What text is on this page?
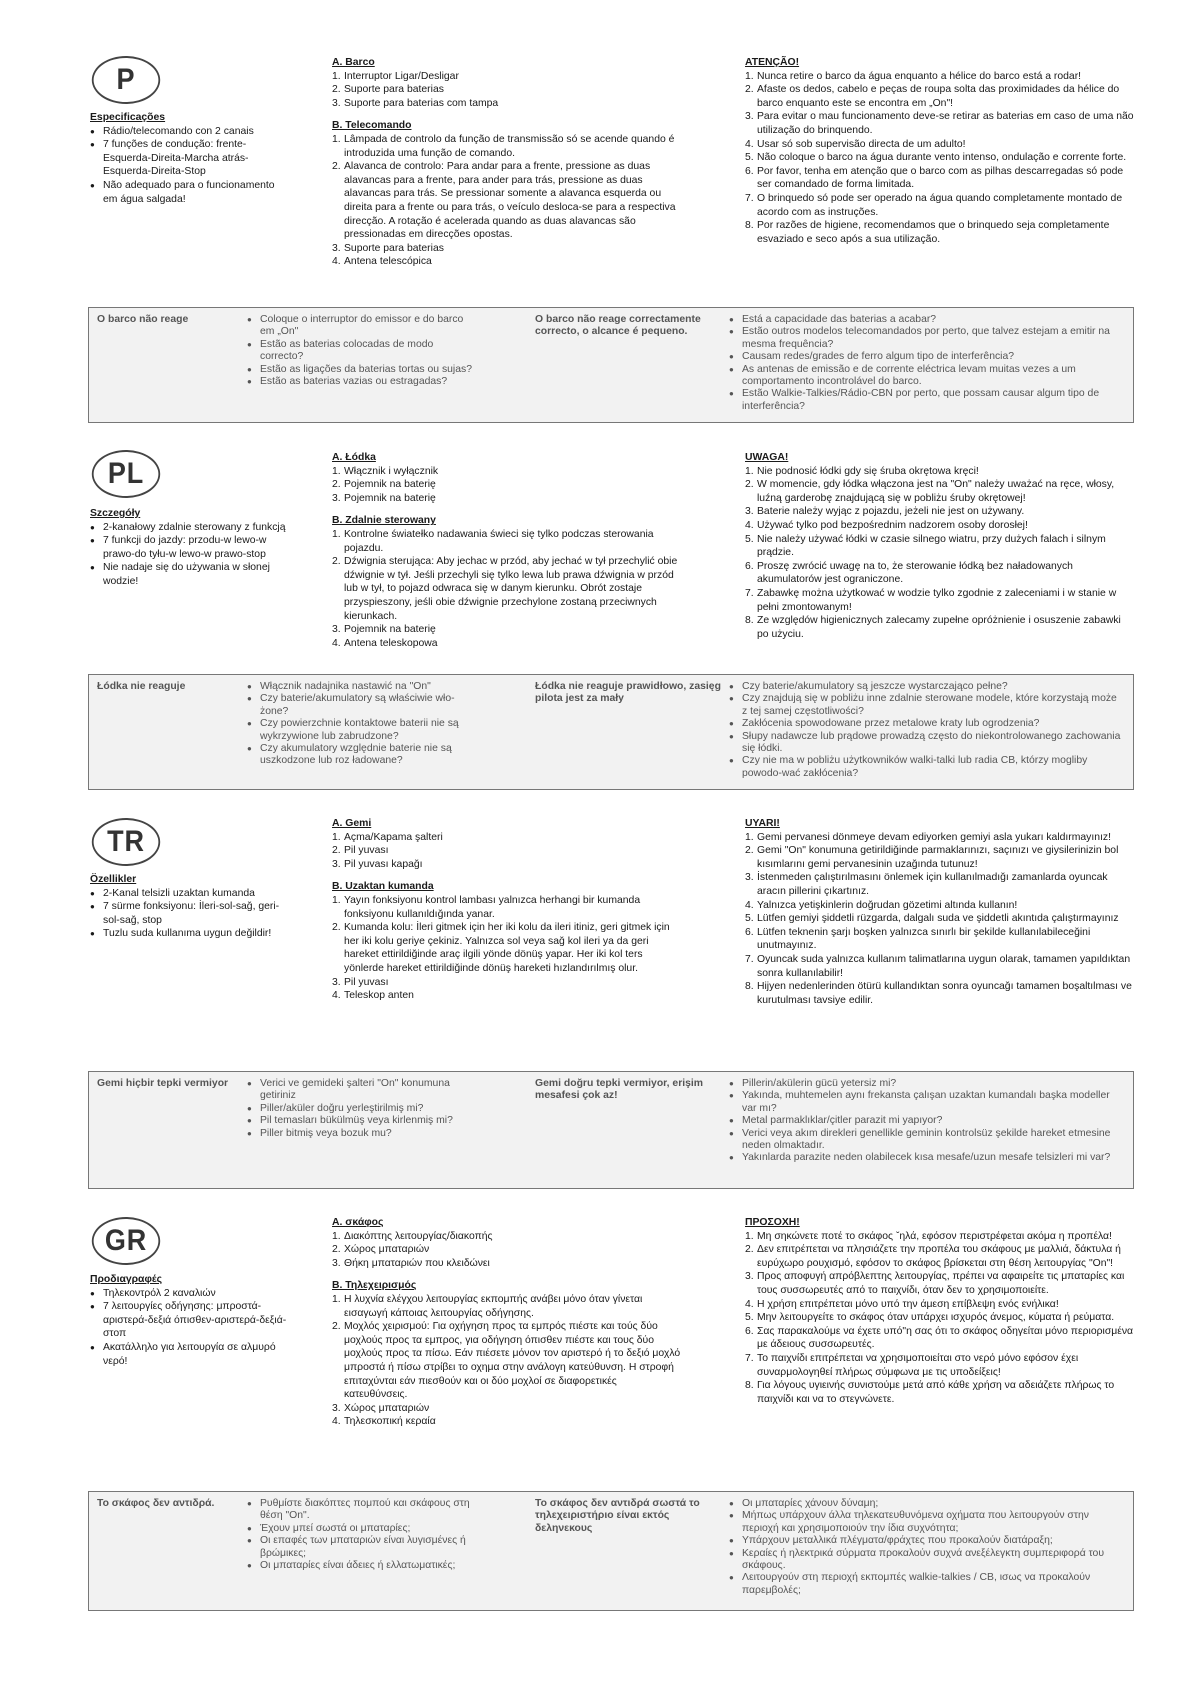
P

Especificações

● Rádio/telecomando con 2 canais
● 7 funções de condução: frente-Esquerda-Direita-Marcha atrás-Esquerda-Direita-Stop
● Não adequado para o funcionamento em água salgada!

A. Barco

1. Interruptor Ligar/Desligar
2. Suporte para baterias
3. Suporte para baterias com tampa

B. Telecomando

1. Lâmpada de controlo da função de transmissão só se acende quando é introduzida uma função de comando.
2. Alavanca de controlo: Para andar para a frente, pressione as duas alavancas para a frente, para ander para trás, pressione as duas alavancas para trás. Se pressionar somente a alavanca esquerda ou direita para a frente ou para trás, o veículo desloca-se para a respectiva direcção. A rotação é acelerada quando as duas alavancas são pressionadas em direcções opostas.
3. Suporte para baterias
4. Antena telescópica

ATENÇÃO!

1. Nunca retire o barco da água enquanto a hélice do barco está a rodar!
2. Afaste os dedos, cabelo e peças de roupa solta das proximidades da hélice do barco enquanto este se encontra em „On"!
3. Para evitar o mau funcionamento deve-se retirar as baterias em caso de uma não utilização do brinquendo.
4. Usar só sob supervisão directa de um adulto!
5. Não coloque o barco na água durante vento intenso, ondulação e corrente forte.
6. Por favor, tenha em atenção que o barco com as pilhas descarregadas só pode ser comandado de forma limitada.
7. O brinquedo só pode ser operado na água quando completamente montado de acordo com as instruções.
8. Por razões de higiene, recomendamos que o brinquedo seja completamente esvaziado e seco após a sua utilização.
O barco não reage	● Coloque o interruptor do emissor e do barco em „On"
● Estão as baterias colocadas de modo correcto?
● Estão as ligações da baterias tortas ou sujas?
● Estão as baterias vazias ou estragadas?
O barco não reage correctamente correcto, o alcance é pequeno.
● Está a capacidade das baterias a acabar?
● Estão outros modelos telecomandados por perto, que talvez estejam a emitir na mesma frequência?
● Causam redes/grades de ferro algum tipo de interferência?
● As antenas de emissão e de corrente eléctrica levam muitas vezes a um comportamento incontrolável do barco.
● Estão Walkie-Talkies/Rádio-CBN por perto, que possam causar algum tipo de interferência?
PL

Szczegóły

● 2-kanałowy zdalnie sterowany z funkcją
● 7 funkcji do jazdy: przodu-w lewo-w prawo-do tyłu-w lewo-w prawo-stop
● Nie nadaje się do używania w słonej wodzie!

A. Łódka

1. Włącznik i wyłącznik
2. Pojemnik na baterię
3. Pojemnik na baterię

B. Zdalnie sterowany

1. Kontrolne światełko nadawania świeci się tylko podczas sterowania pojazdu.
2. Dźwignia sterująca: Aby jechac w przód, aby jechać w tył przechylić obie dźwignie w tył. Jeśli przechyli się tylko lewa lub prawa dźwignia w przód lub w tył, to pojazd odwraca się w danym kierunku. Obrót zostaje przyspieszony, jeśli obie dźwignie przechylone zostaną przeciwnych kierunkach.
3. Pojemnik na baterię
4. Antena teleskopowa

UWAGA!

1. Nie podnosić łódki gdy się śruba okrętowa kręci!
2. W momencie, gdy łódka włączona jest na "On" należy uważać na ręce, włosy, luźną garderobę znajdującą się w pobliżu śruby okrętowej!
3. Baterie należy wyjąc z pojazdu, jeżeli nie jest on używany.
4. Używać tylko pod bezpośrednim nadzorem osoby dorosłej!
5. Nie należy używać łódki w czasie silnego wiatru, przy dużych falach i silnym prądzie.
6. Proszę zwrócić uwagę na to, że sterowanie łódką bez naładowanych akumulatorów jest ograniczone.
7. Zabawkę można użytkować w wodzie tylko zgodnie z zaleceniami i w stanie w pełni zmontowanym!
8. Ze względów higienicznych zalecamy zupełne opróżnienie i osuszenie zabawki po użyciu.
Łódka nie reaguje	● Włącznik nadajnika nastawić na "On"
● Czy baterie/akumulatory są właściwie wło- żone?
● Czy powierzchnie kontaktowe baterii nie są wykrzywione lub zabrudzone?
● Czy akumulatory względnie baterie nie są uszkodzone lub roz ładowane?
Łódka nie reaguje prawidłowo, zasięg pilota jest za mały
● Czy baterie/akumulatory są jeszcze wystarczająco pełne?
● Czy znajdują się w pobliżu inne zdalnie sterowane modele, które korzystają może z tej samej częstotliwości?
● Zakłócenia spowodowane przez metalowe kraty lub ogrodzenia?
● Słupy nadawcze lub prądowe prowadzą często do niekontrolowanego zachowania się łódki.
● Czy nie ma w pobliżu użytkowników walki-talki lub radia CB, którzy mogliby powodo-wać zakłócenia?
TR

Özellikler

● 2-Kanal telsizli uzaktan kumanda
● 7 sürme fonksiyonu: İleri-sol-sağ, geri-sol-sağ, stop
● Tuzlu suda kullanıma uygun değildir!

A. Gemi

1. Açma/Kapama şalteri
2. Pil yuvası
3. Pil yuvası kapağı

B. Uzaktan kumanda

1. Yayın fonksiyonu kontrol lambası yalnızca herhangi bir kumanda fonksiyonu kullanıldığında yanar.
2. Kumanda kolu: İleri gitmek için her iki kolu da ileri itiniz, geri gitmek için her iki kolu geriye çekiniz. Yalnızca sol veya sağ kol ileri ya da geri hareket ettirildiğinde araç ilgili yönde dönüş yapar. Her iki kol ters yönlerde hareket ettirildiğinde dönüş hareketi hızlandırılmış olur.
3. Pil yuvası
4. Teleskop anten

UYARI!

1. Gemi pervanesi dönmeye devam ediyorken gemiyi asla yukarı kaldırmayınız!
2. Gemi "On" konumuna getirildiğinde parmaklarınızı, saçınızı ve giysilerinizin bol kısımlarını gemi pervanesinin uzağında tutunuz!
3. İstenmeden çalıştırılmasını önlemek için kullanılmadığı zamanlarda oyuncak aracın pillerini çıkartınız.
4. Yalnızca yetişkinlerin doğrudan gözetimi altında kullanın!
5. Lütfen gemiyi şiddetli rüzgarda, dalgalı suda ve şiddetli akıntıda çalıştırmayınız
6. Lütfen teknenin şarjı boşken yalnızca sınırlı bir şekilde kullanılabileceğini unutmayınız.
7. Oyuncak suda yalnızca kullanım talimatlarına uygun olarak, tamamen yapıldıktan sonra kullanılabilir!
8. Hijyen nedenlerinden ötürü kullandıktan sonra oyuncağı tamamen boşaltılması ve kurutulması tavsiye edilir.
Gemi hiçbir tepki vermiyor	● Verici ve gemideki şalteri "On" konumuna getiriniz
● Piller/aküler doğru yerleştirilmiş mi?
● Pil temasları bükülmüş veya kirlenmiş mi?
● Piller bitmiş veya bozuk mu?
Gemi doğru tepki vermiyor, erişim mesafesi çok az!
● Pillerin/akülerin gücü yetersiz mi?
● Yakında, muhtemelen aynı frekansta çalışan uzaktan kumandalı başka modeller var mı?
● Metal parmaklıklar/çitler parazit mi yapıyor?
● Verici veya akım direkleri genellikle geminin kontrolsüz şekilde hareket etmesine neden olmaktadır.
● Yakınlarda parazite neden olabilecek kısa mesafe/uzun mesafe telsizleri mi var?
GR

Προδιαγραφές

● Τηλεκοντρόλ 2 καναλιών
● 7 λειτουργίες οδήγησης: μπροστά-αριστερά-δεξιά όπισθεν-αριστερά-δεξιά-στοπ
● Ακατάλληλο για λειτουργία σε αλμυρό νερό!

A. σκάφος

1. Διακόπτης λειτουργίας/διακοπής
2. Χώρος μπαταριών
3. Θήκη μπαταριών που κλειδώνει

B. Τηλεχειρισμός

1. Η λυχνία ελέγχου λειτουργίας εκπομπής ανάβει μόνο όταν γίνεται εισαγωγή κάποιας λειτουργίας οδήγησης.
2. Μοχλός χειρισμού: Για οχήγηση προς τα εμπρός πιέστε και τούς δύο μοχλούς προς τα εμπρος, για οδήγηση όπισθεν πιέστε και τους δύο μοχλούς προς τα πίσω. Εάν πιέσετε μόνον τον αριστερό ή το δεξιό μοχλό μπροστά ή πίσω στρίβει το οχημα στην ανάλογη κατεύθυνση. Η στροφή επιταχύνται εάν πιεσθούν και οι δύο μοχλοί σε διαφορετικές κατευθύνσεις.
3. Χώρος μπαταριών
4. Τηλεσκοπική κεραία

ΠΡΟΣΟΧΗ!

1. Μη σηκώνετε ποτέ το σκάφος ˇηλά, εφόσον περιστρέφεται ακόμα η προπέλα!
2. Δεν επιτρέπεται να πλησιάζετε την προπέλα του σκάφους με μαλλιά, δάκτυλα ή ευρύχωρο ρουχισμό, εφόσον το σκάφος βρίσκεται στη θέση λειτουργίας "On"!
3. Προς αποφυγή απρόβλεπτης λειτουργίας, πρέπει να αφαιρείτε τις μπαταρίες και τους συσσωρευτές από το παιχνίδι, όταν δεν το χρησιμοποιείτε.
4. Η χρήση επιτρέπεται μόνο υπό την άμεση επίβλεψη ενός ενήλικα!
5. Μην λειτουργείτε το σκάφος όταν υπάρχει ισχυρός άνεμος, κύματα ή ρεύματα.
6. Σας παρακαλούμε να έχετε υπό"η σας ότι το σκάφος οδηγείται μόνο περιορισμένα με άδειους συσσωρευτές.
7. Το παιχνίδι επιτρέπεται να χρησιμοποιείται στο νερό μόνο εφόσον έχει συναρμολογηθεί πλήρως σύμφωνα με τις υποδείξεις!
8. Για λόγους υγιεινής συνιστούμε μετά από κάθε χρήση να αδειάζετε πλήρως το παιχνίδι και να το στεγνώνετε.
Το σκάφος δεν αντιδρά.	● Ρυθμίστε διακόπτες πομπού και σκάφους στη θέση "On".
● Έχουν μπεί σωστά οι μπαταρίες;
● Οι επαφές των μπαταριών είναι λυγισμένες ή βρώμικες;
● Οι μπαταρίες είναι άδειες ή ελλατωματικές;
Το σκάφος δεν αντιδρά σωστά το τηλεχειριστήριο είναι εκτός δεληνεκους
● Οι μπαταρίες χάνουν δύναμη;
● Μήπως υπάρχουν άλλα τηλεκατευθυνόμενα οχήματα που λειτουργούν στην περιοχή και χρησιμοποιούν την ίδια συχνότητα;
● Υπάρχουν μεταλλικά πλέγματα/φράχτες που προκαλούν διατάραξη;
● Κεραίες ή ηλεκτρικά σύρματα προκαλούν συχνά ανεξέλεγκτη συμπεριφορά του σκάφους.
● Λειτουργούν στη περιοχή εκπομπές walkie-talkies / CB, ισως να προκαλούν παρεμβολές;
